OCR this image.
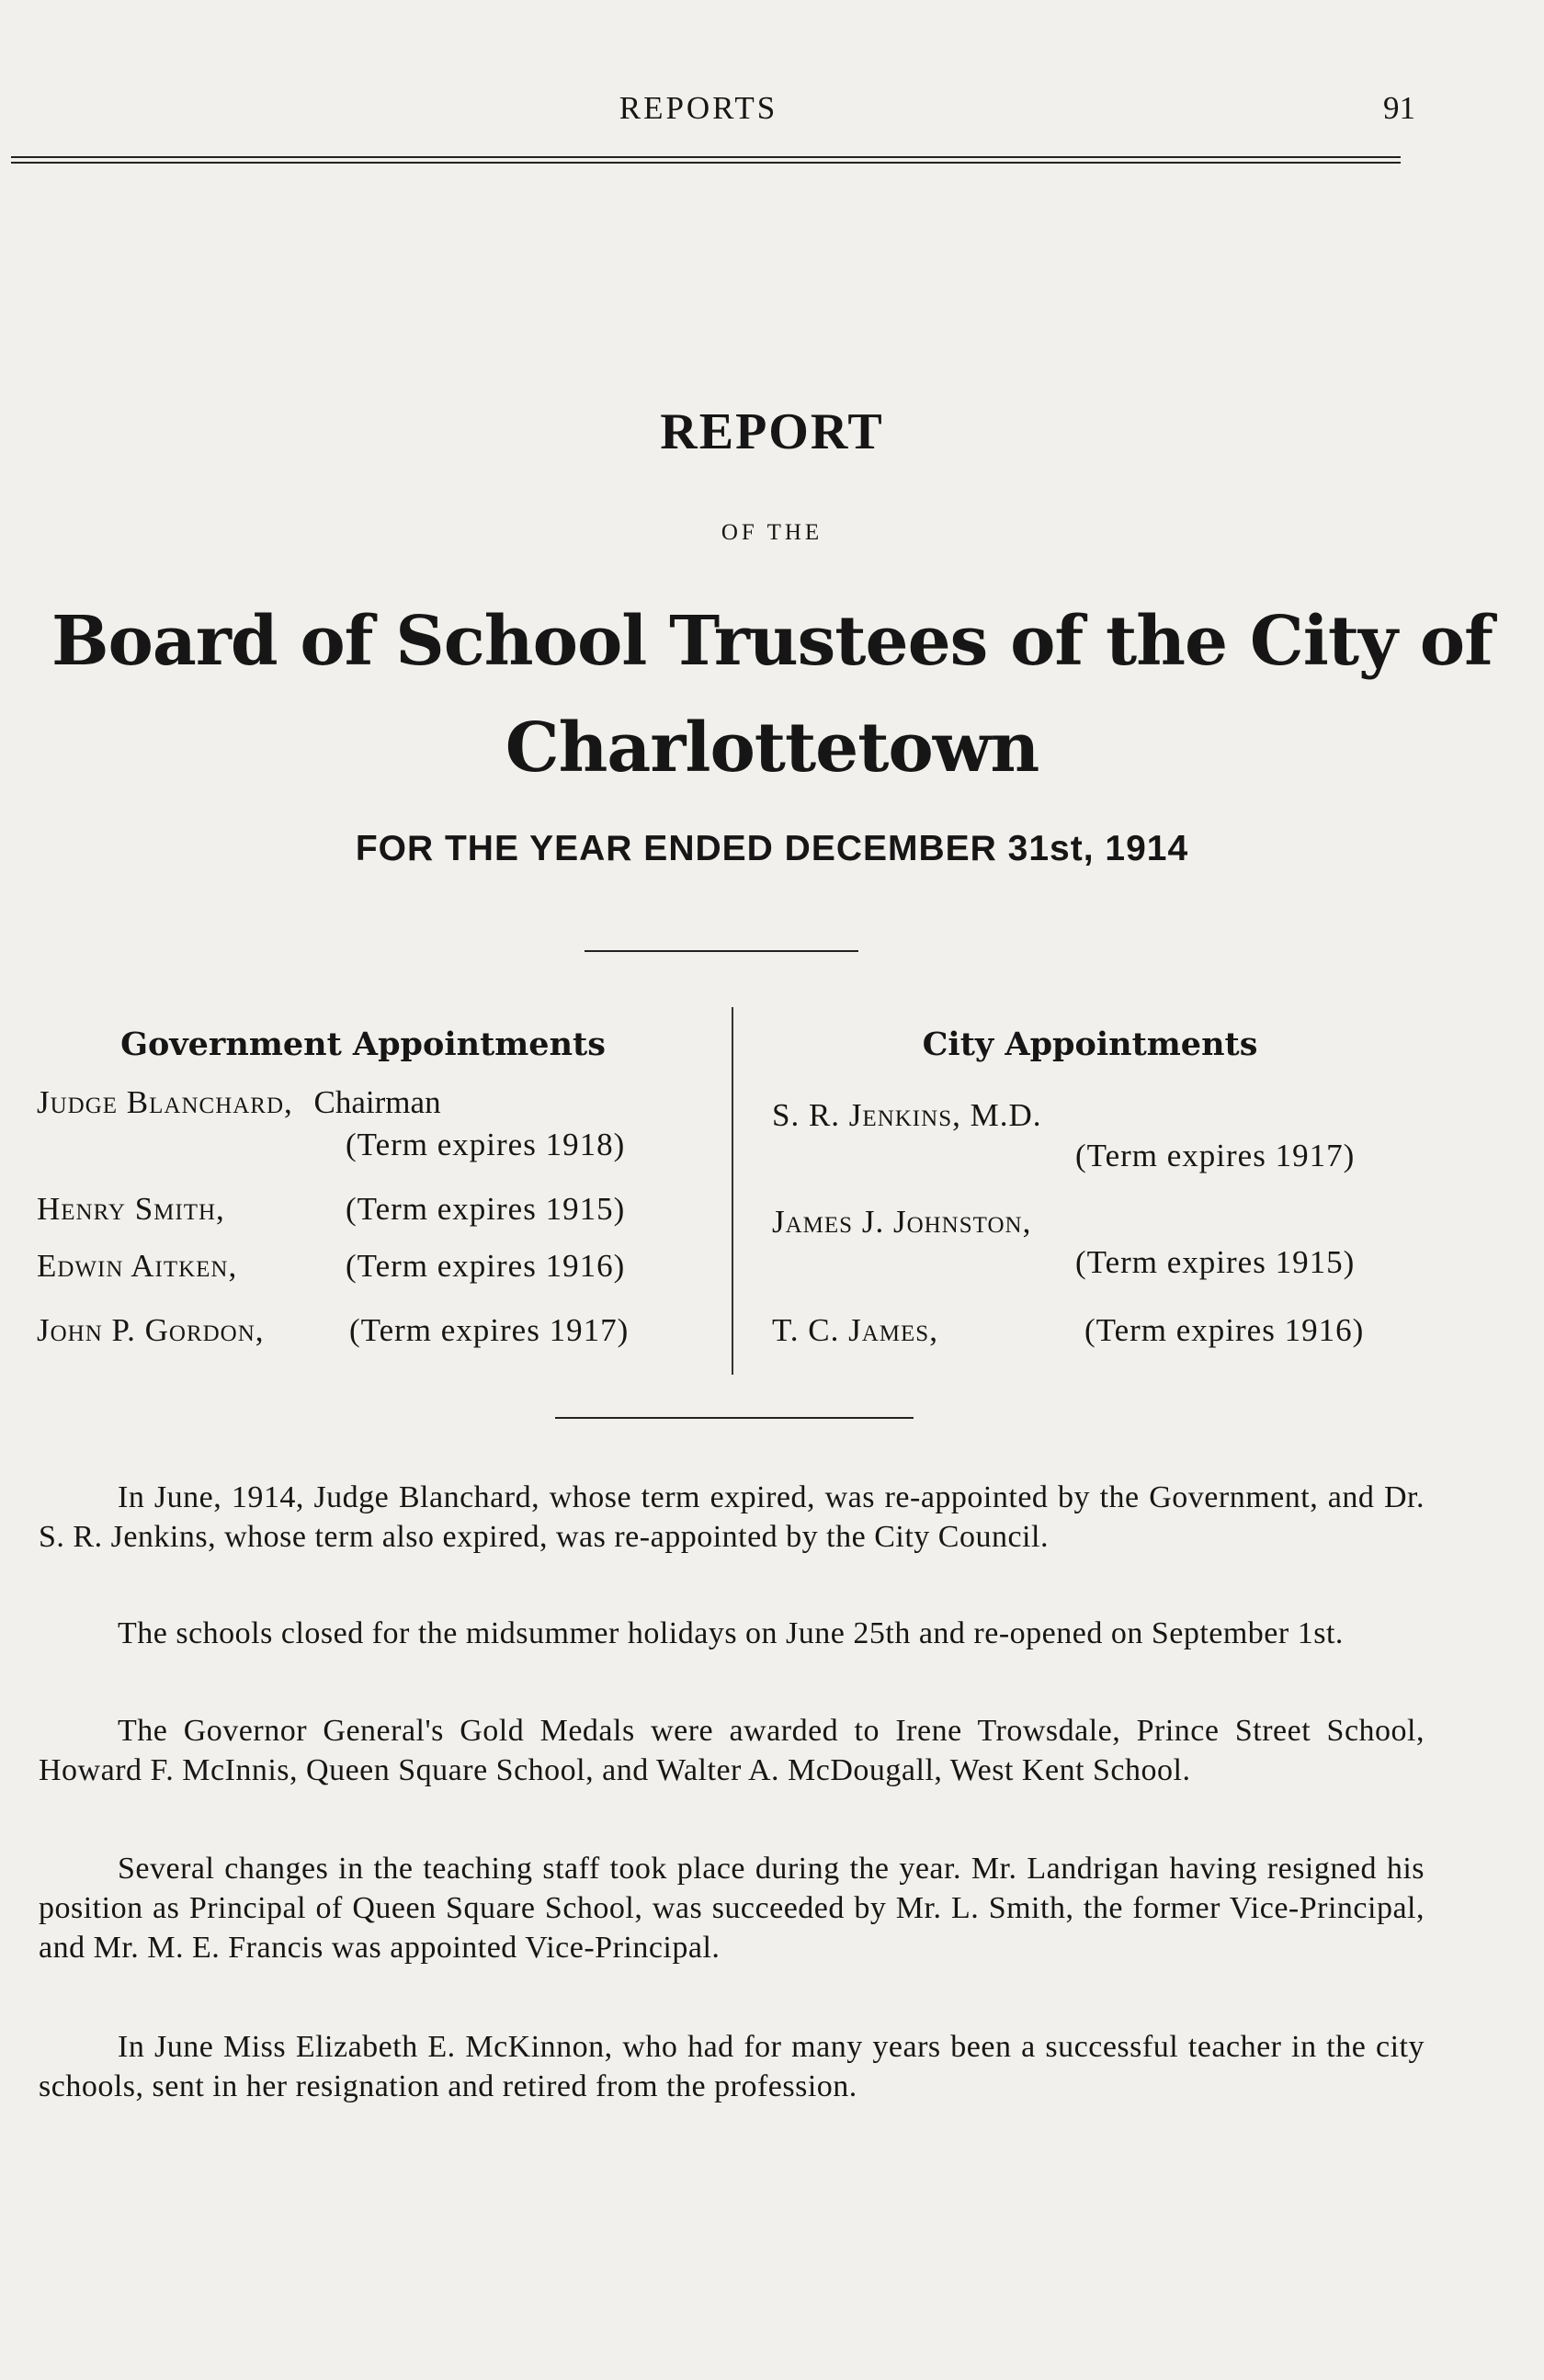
REPORTS	91
REPORT
OF THE
Board of School Trustees of the City of
Charlottetown
FOR THE YEAR ENDED DECEMBER 31st, 1914
Government Appointments
Judge Blanchard, Chairman
(Term expires 1918)
Henry Smith,	(Term expires 1915)
Edwin Aitken,	(Term expires 1916)
John P. Gordon,	(Term expires 1917)
City Appointments
S. R. Jenkins, M.D.
(Term expires 1917)
James J. Johnston,
(Term expires 1915)
T. C. James,	(Term expires 1916)

In June, 1914, Judge Blanchard, whose term expired, was re-appointed by the Government, and Dr. S. R. Jenkins, whose term also expired, was re-appointed by the City Council.

The schools closed for the midsummer holidays on June 25th and re-opened on September 1st.

The Governor General's Gold Medals were awarded to Irene Trowsdale, Prince Street School, Howard F. McInnis, Queen Square School, and Walter A. McDougall, West Kent School.

Several changes in the teaching staff took place during the year. Mr. Landrigan having resigned his position as Principal of Queen Square School, was succeeded by Mr. L. Smith, the former Vice-Principal, and Mr. M. E. Francis was appointed Vice-Principal.

In June Miss Elizabeth E. McKinnon, who had for many years been a successful teacher in the city schools, sent in her resignation and retired from the profession.
